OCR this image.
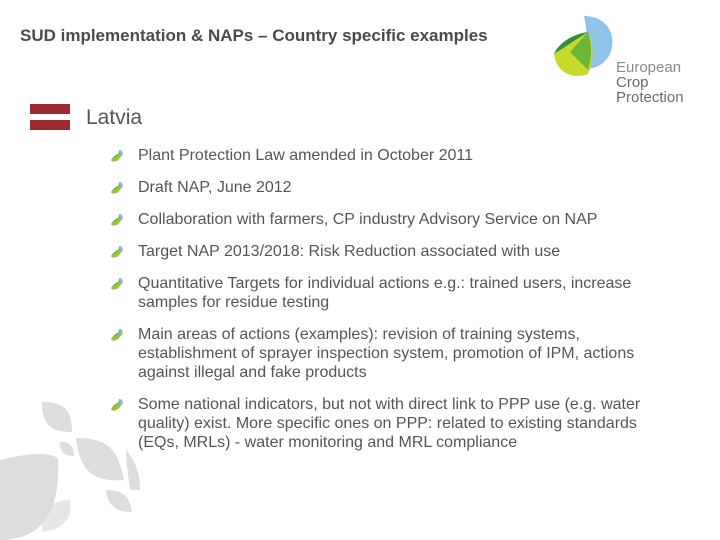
SUD implementation & NAPs – Country specific examples
European
Crop Protection
Latvia
Plant Protection Law amended in October 2011
Draft NAP, June 2012
Collaboration with farmers, CP industry Advisory Service on NAP
Target NAP 2013/2018: Risk Reduction associated with use
Quantitative Targets for individual actions e.g.: trained users, increase samples for residue testing
Main areas of actions (examples): revision of training systems, establishment of sprayer inspection system, promotion of IPM, actions against illegal and fake products
Some national indicators, but not with direct link to PPP use (e.g. water quality) exist. More specific ones on PPP: related to existing standards (EQs, MRLs) - water monitoring and MRL compliance
